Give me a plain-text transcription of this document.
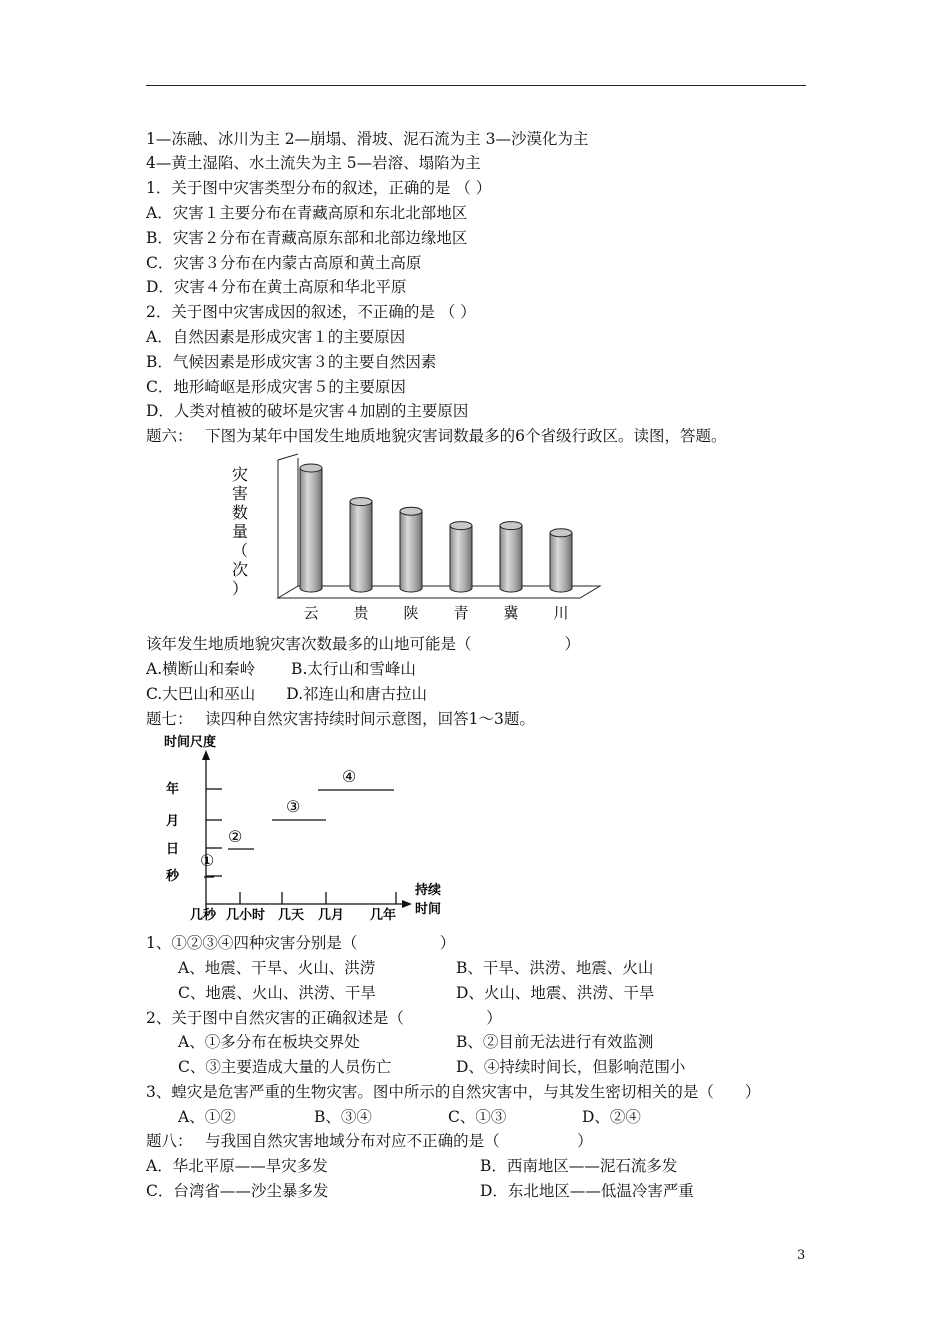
1—冻融、冰川为主 2—崩塌、滑坡、泥石流为主 3—沙漠化为主
4—黄土湿陷、水土流失为主 5—岩溶、塌陷为主
1．关于图中灾害类型分布的叙述，正确的是 （ ）
A．灾害１主要分布在青藏高原和东北北部地区
B．灾害２分布在青藏高原东部和北部边缘地区
C．灾害３分布在内蒙古高原和黄土高原
D．灾害４分布在黄土高原和华北平原
2．关于图中灾害成因的叙述，不正确的是 （ ）
A．自然因素是形成灾害１的主要原因
B．气候因素是形成灾害３的主要自然因素
C．地形崎岖是形成灾害５的主要原因
D．人类对植被的破坏是灾害４加剧的主要原因
题六：　 下图为某年中国发生地质地貌灾害词数最多的6个省级行政区。读图，答题。
灾
害
数
量
（
次
）
云 贵 陕 青 冀 川
该年发生地质地貌灾害次数最多的山地可能是（　　　　　　）
A.横断山和秦岭　　 B.太行山和雪峰山
C.大巴山和巫山　　D.祁连山和唐古拉山
题七：　 读四种自然灾害持续时间示意图，回答1～3题。
时间尺度
年
月
日
秒
几秒 几小时 几天 几月 几年
持续
时间
①
②
③
④
1、①②③④四种灾害分别是（　　　　　 ）
A、地震、干旱、火山、洪涝	B、干旱、洪涝、地震、火山
C、地震、火山、洪涝、干旱	D、火山、地震、洪涝、干旱
2、关于图中自然灾害的正确叙述是（　　　　　 ）
A、①多分布在板块交界处	B、②目前无法进行有效监测
C、③主要造成大量的人员伤亡	D、④持续时间长，但影响范围小
3、蝗灾是危害严重的生物灾害。图中所示的自然灾害中，与其发生密切相关的是（　　）
A、①②	B、③④	C、①③	D、②④
题八：　 与我国自然灾害地域分布对应不正确的是（　　　　　）
A．华北平原——旱灾多发	B．西南地区——泥石流多发
C．台湾省——沙尘暴多发	D．东北地区——低温冷害严重
3
